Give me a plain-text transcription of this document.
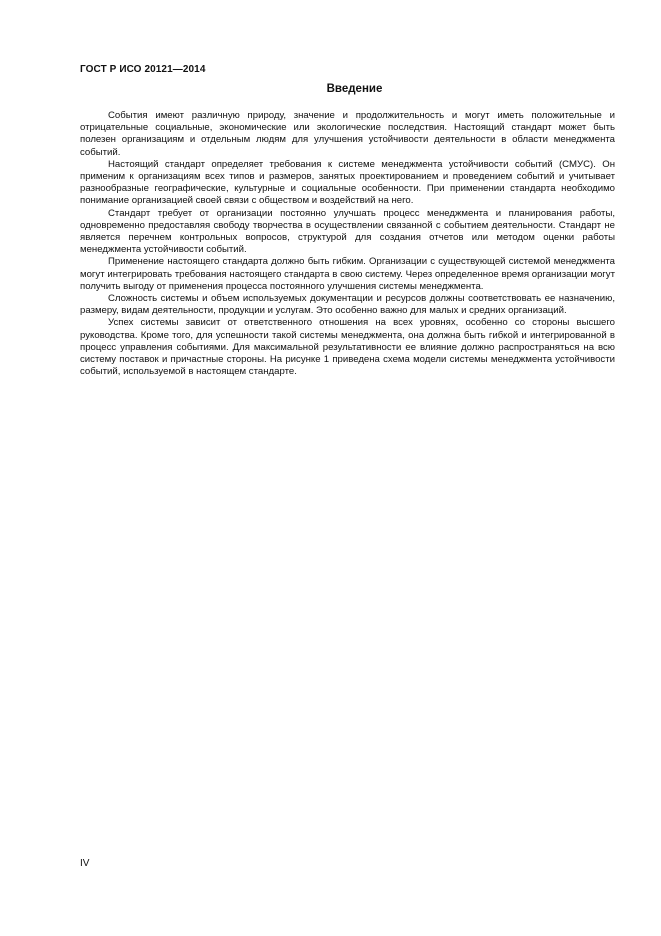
ГОСТ Р ИСО 20121—2014
Введение

События имеют различную природу, значение и продолжительность и могут иметь положительные и отрицательные социальные, экономические или экологические последствия. Настоящий стандарт может быть полезен организациям и отдельным людям для улучшения устойчивости деятельности в области менеджмента событий.

Настоящий стандарт определяет требования к системе менеджмента устойчивости событий (СМУС). Он применим к организациям всех типов и размеров, занятых проектированием и проведением событий и учитывает разнообразные географические, культурные и социальные особенности. При применении стандарта необходимо понимание организацией своей связи с обществом и воздействий на него.

Стандарт требует от организации постоянно улучшать процесс менеджмента и планирования работы, одновременно предоставляя свободу творчества в осуществлении связанной с событием деятельности. Стандарт не является перечнем контрольных вопросов, структурой для создания отчетов или методом оценки работы менеджмента устойчивости событий.

Применение настоящего стандарта должно быть гибким. Организации с существующей системой менеджмента могут интегрировать требования настоящего стандарта в свою систему. Через определенное время организации могут получить выгоду от применения процесса постоянного улучшения системы менеджмента.

Сложность системы и объем используемых документации и ресурсов должны соответствовать ее назначению, размеру, видам деятельности, продукции и услугам. Это особенно важно для малых и средних организаций.

Успех системы зависит от ответственного отношения на всех уровнях, особенно со стороны высшего руководства. Кроме того, для успешности такой системы менеджмента, она должна быть гибкой и интегрированной в процесс управления событиями. Для максимальной результативности ее влияние должно распространяться на всю систему поставок и причастные стороны. На рисунке 1 приведена схема модели системы менеджмента устойчивости событий, используемой в настоящем стандарте.

IV
